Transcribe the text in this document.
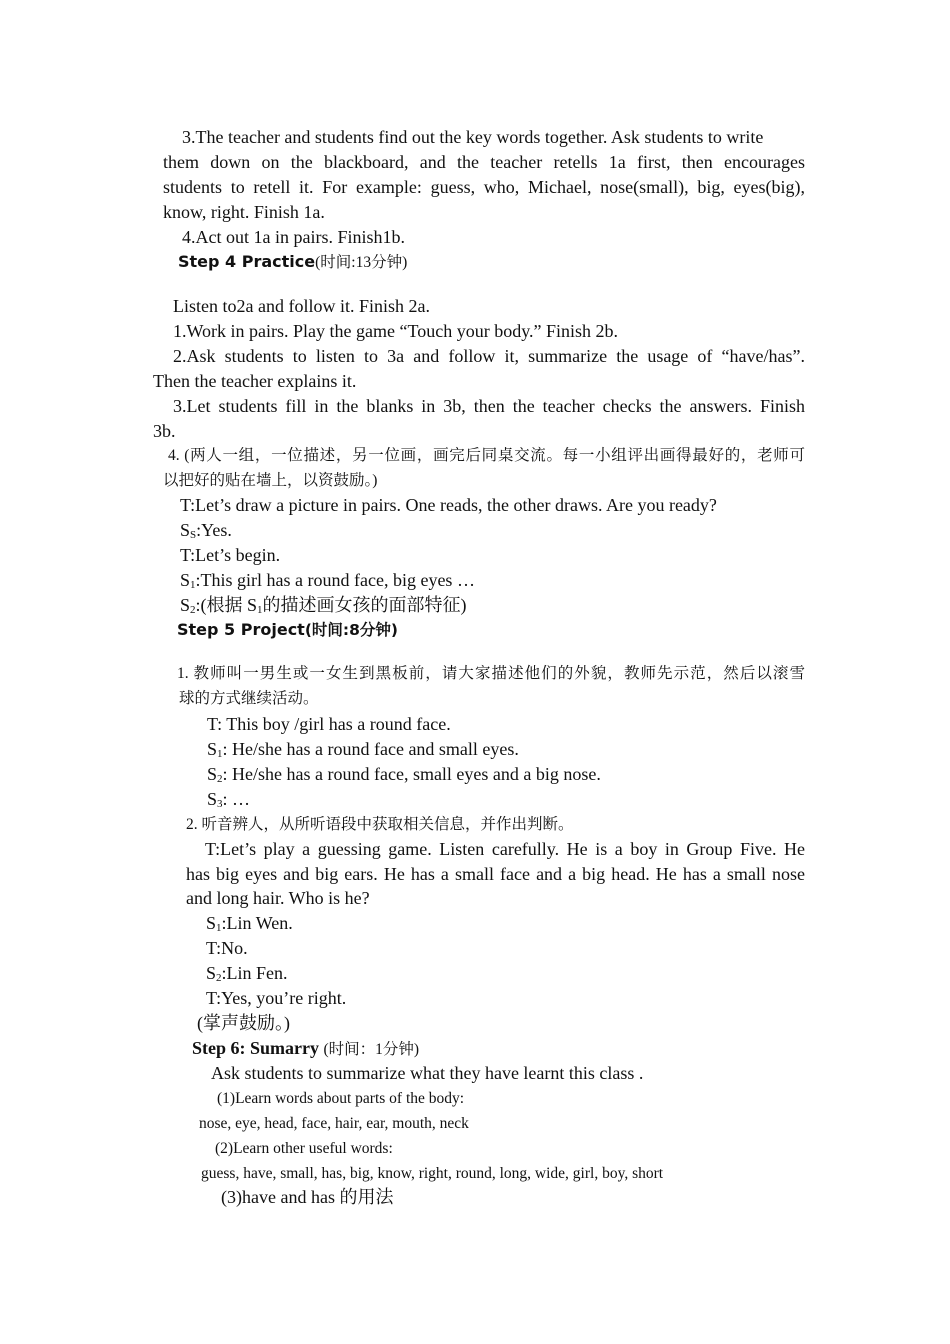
3.The teacher and students find out the key words together. Ask students to write
them down on the blackboard, and the teacher retells 1a first, then encourages
students to retell it. For example: guess, who, Michael, nose(small), big, eyes(big),
know, right. Finish 1a.
4.Act out 1a in pairs. Finish1b.
Step 4 Practice(时间:13分钟)
Listen to2a and follow it. Finish 2a.
1.Work in pairs. Play the game “Touch your body.” Finish 2b.
2.Ask students to listen to 3a and follow it, summarize the usage of “have/has”.
Then the teacher explains it.
3.Let students fill in the blanks in 3b, then the teacher checks the answers. Finish
3b.
4. (两人一组，一位描述，另一位画，画完后同桌交流。每一小组评出画得最好的，老师可
以把好的贴在墙上，以资鼓励。)
T:Let’s draw a picture in pairs. One reads, the other draws. Are you ready?
$S_S:Yes$.
T:Let’s begin.
$S_1:This$ girl has a round face, big eyes …
$S_2$:(根据 $S_1$的描述画女孩的面部特征)
Step 5 Project(时间:8分钟)
1. 教师叫一男生或一女生到黑板前，请大家描述他们的外貌，教师先示范，然后以滚雪
球的方式继续活动。
T: This boy /girl has a round face.
$S_1$: He/she has a round face and small eyes.
$S_2$: He/she has a round face, small eyes and a big nose.
$S_3$: …
2. 听音辨人，从所听语段中获取相关信息，并作出判断。
T:Let’s play a guessing game. Listen carefully. He is a boy in Group Five. He
has big eyes and big ears. He has a small face and a big head. He has a small nose
and long hair. Who is he?
$S_1:Lin$ Wen.
T:No.
$S_2:Lin$ Fen.
T:Yes, you’re right.
(掌声鼓励。)
Step 6: Sumarry (时间：1分钟)
Ask students to summarize what they have learnt this class .
(1)Learn words about parts of the body:
nose, eye, head, face, hair, ear, mouth, neck
(2)Learn other useful words:
guess, have, small, has, big, know, right, round, long, wide, girl, boy, short
(3)have and has 的用法
